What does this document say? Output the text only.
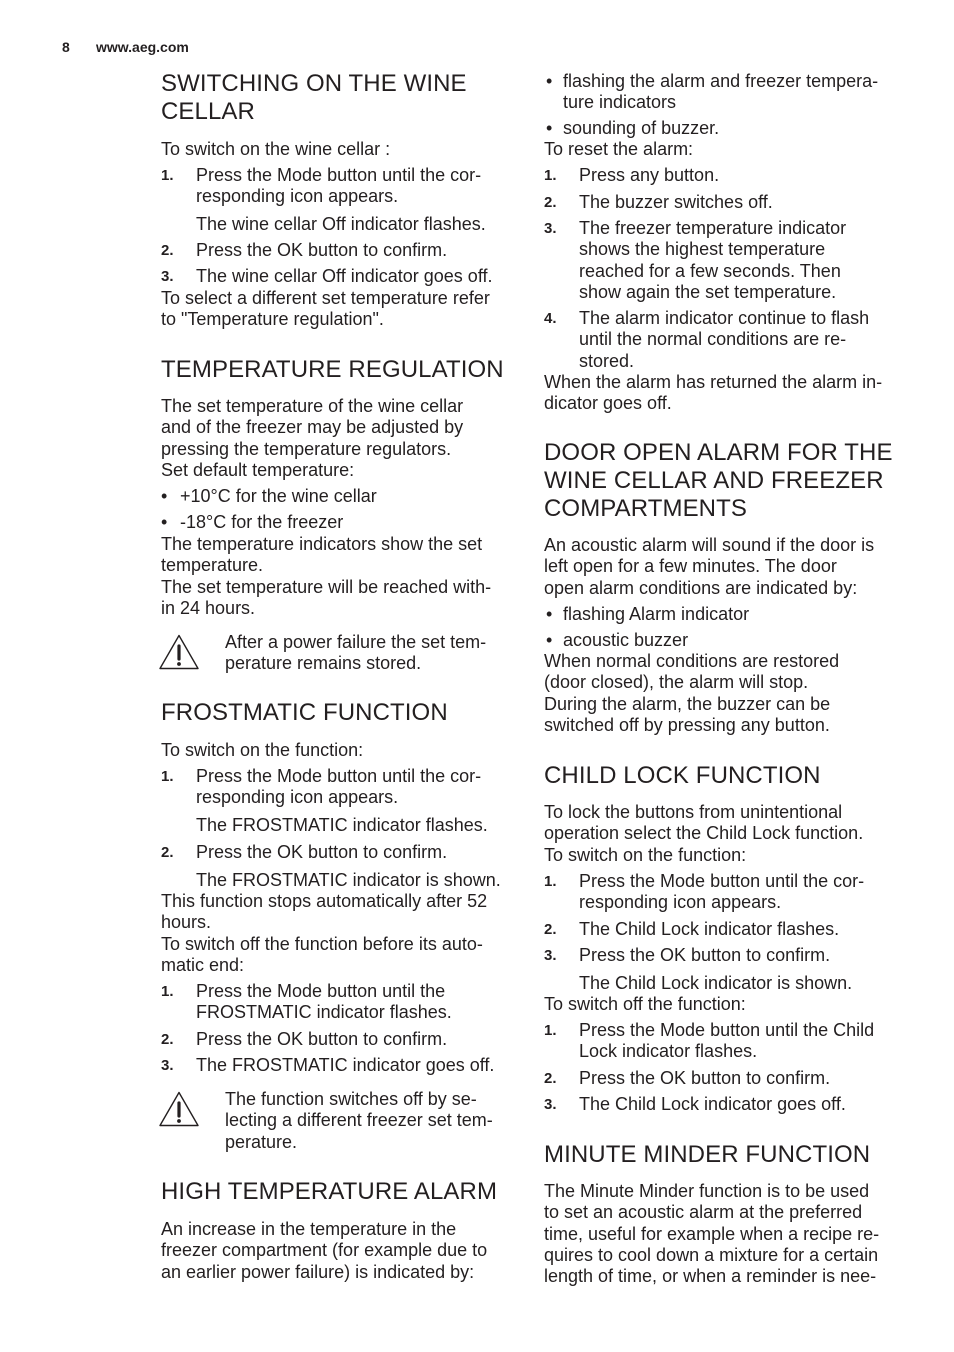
8 www.aeg.com
SWITCHING ON THE WINE
CELLAR
To switch on the wine cellar :
1. Press the Mode button until the cor-
responding icon appears.
The wine cellar Off indicator flashes.
2. Press the OK button to confirm.
3. The wine cellar Off indicator goes off.
To select a different set temperature refer
to "Temperature regulation".
TEMPERATURE REGULATION
The set temperature of the wine cellar
and of the freezer may be adjusted by
pressing the temperature regulators.
Set default temperature:
• +10°C for the wine cellar
• -18°C for the freezer
The temperature indicators show the set
temperature.
The set temperature will be reached with-
in 24 hours.
After a power failure the set tem-
perature remains stored.
FROSTMATIC FUNCTION
To switch on the function:
1. Press the Mode button until the cor-
responding icon appears.
The FROSTMATIC indicator flashes.
2. Press the OK button to confirm.
The FROSTMATIC indicator is shown.
This function stops automatically after 52
hours.
To switch off the function before its auto-
matic end:
1. Press the Mode button until the
FROSTMATIC indicator flashes.
2. Press the OK button to confirm.
3. The FROSTMATIC indicator goes off.
The function switches off by se-
lecting a different freezer set tem-
perature.
HIGH TEMPERATURE ALARM
An increase in the temperature in the
freezer compartment (for example due to
an earlier power failure) is indicated by:
• flashing the alarm and freezer tempera-
ture indicators
• sounding of buzzer.
To reset the alarm:
1. Press any button.
2. The buzzer switches off.
3. The freezer temperature indicator
shows the highest temperature
reached for a few seconds. Then
show again the set temperature.
4. The alarm indicator continue to flash
until the normal conditions are re-
stored.
When the alarm has returned the alarm in-
dicator goes off.
DOOR OPEN ALARM FOR THE
WINE CELLAR AND FREEZER
COMPARTMENTS
An acoustic alarm will sound if the door is
left open for a few minutes. The door
open alarm conditions are indicated by:
• flashing Alarm indicator
• acoustic buzzer
When normal conditions are restored
(door closed), the alarm will stop.
During the alarm, the buzzer can be
switched off by pressing any button.
CHILD LOCK FUNCTION
To lock the buttons from unintentional
operation select the Child Lock function.
To switch on the function:
1. Press the Mode button until the cor-
responding icon appears.
2. The Child Lock indicator flashes.
3. Press the OK button to confirm.
The Child Lock indicator is shown.
To switch off the function:
1. Press the Mode button until the Child
Lock indicator flashes.
2. Press the OK button to confirm.
3. The Child Lock indicator goes off.
MINUTE MINDER FUNCTION
The Minute Minder function is to be used
to set an acoustic alarm at the preferred
time, useful for example when a recipe re-
quires to cool down a mixture for a certain
length of time, or when a reminder is nee-
